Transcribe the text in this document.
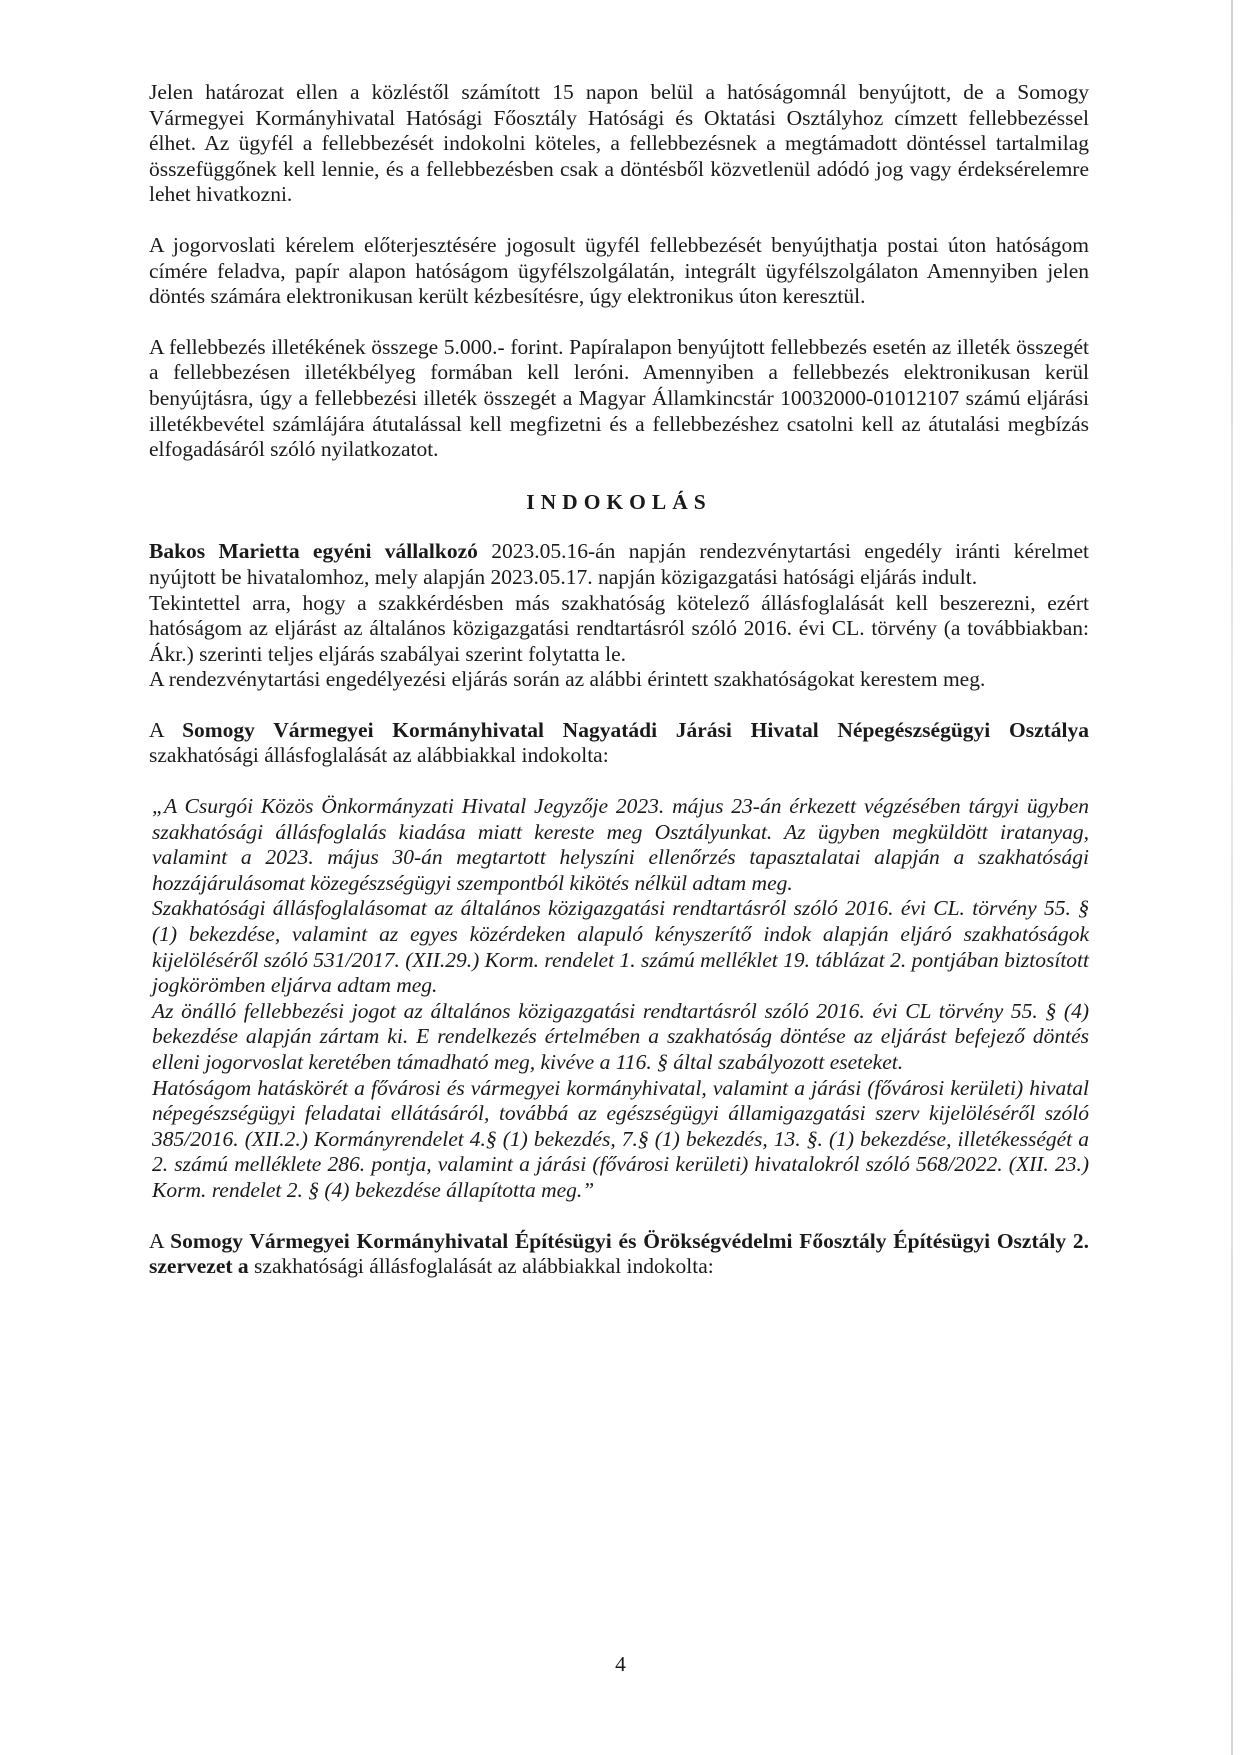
Jelen határozat ellen a közléstől számított 15 napon belül a hatóságomnál benyújtott, de a Somogy Vármegyei Kormányhivatal Hatósági Főosztály Hatósági és Oktatási Osztályhoz címzett fellebbezéssel élhet. Az ügyfél a fellebbezését indokolni köteles, a fellebbezésnek a megtámadott döntéssel tartalmilag összefüggőnek kell lennie, és a fellebbezésben csak a döntésből közvetlenül adódó jog vagy érdeksérelemre lehet hivatkozni.

A jogorvoslati kérelem előterjesztésére jogosult ügyfél fellebbezését benyújthatja postai úton hatóságom címére feladva, papír alapon hatóságom ügyfélszolgálatán, integrált ügyfélszolgálaton Amennyiben jelen döntés számára elektronikusan került kézbesítésre, úgy elektronikus úton keresztül.

A fellebbezés illetékének összege 5.000.- forint. Papíralapon benyújtott fellebbezés esetén az illeték összegét a fellebbezésen illetékbélyeg formában kell leróni. Amennyiben a fellebbezés elektronikusan kerül benyújtásra, úgy a fellebbezési illeték összegét a Magyar Államkincstár 10032000-01012107 számú eljárási illetékbevétel számlájára átutalással kell megfizetni és a fellebbezéshez csatolni kell az átutalási megbízás elfogadásáról szóló nyilatkozatot.

INDOKOLÁS

Bakos Marietta egyéni vállalkozó 2023.05.16-án napján rendezvénytartási engedély iránti kérelmet nyújtott be hivatalomhoz, mely alapján 2023.05.17. napján közigazgatási hatósági eljárás indult.

Tekintettel arra, hogy a szakkérdésben más szakhatóság kötelező állásfoglalását kell beszerezni, ezért hatóságom az eljárást az általános közigazgatási rendtartásról szóló 2016. évi CL. törvény (a továbbiakban: Ákr.) szerinti teljes eljárás szabályai szerint folytatta le.

A rendezvénytartási engedélyezési eljárás során az alábbi érintett szakhatóságokat kerestem meg.

A Somogy Vármegyei Kormányhivatal Nagyatádi Járási Hivatal Népegészségügyi Osztálya szakhatósági állásfoglalását az alábbiakkal indokolta:

„A Csurgói Közös Önkormányzati Hivatal Jegyzője 2023. május 23-án érkezett végzésében tárgyi ügyben szakhatósági állásfoglalás kiadása miatt kereste meg Osztályunkat. Az ügyben megküldött iratanyag, valamint a 2023. május 30-án megtartott helyszíni ellenőrzés tapasztalatai alapján a szakhatósági hozzájárulásomat közegészségügyi szempontból kikötés nélkül adtam meg.

Szakhatósági állásfoglalásomat az általános közigazgatási rendtartásról szóló 2016. évi CL. törvény 55. § (1) bekezdése, valamint az egyes közérdeken alapuló kényszerítő indok alapján eljáró szakhatóságok kijelöléséről szóló 531/2017. (XII.29.) Korm. rendelet 1. számú melléklet 19. táblázat 2. pontjában biztosított jogkörömben eljárva adtam meg.

Az önálló fellebbezési jogot az általános közigazgatási rendtartásról szóló 2016. évi CL törvény 55. § (4) bekezdése alapján zártam ki. E rendelkezés értelmében a szakhatóság döntése az eljárást befejező döntés elleni jogorvoslat keretében támadható meg, kivéve a 116. § által szabályozott eseteket.

Hatóságom hatáskörét a fővárosi és vármegyei kormányhivatal, valamint a járási (fővárosi kerületi) hivatal népegészségügyi feladatai ellátásáról, továbbá az egészségügyi államigazgatási szerv kijelöléséről szóló 385/2016. (XII.2.) Kormányrendelet 4.§ (1) bekezdés, 7.§ (1) bekezdés, 13. §. (1) bekezdése, illetékességét a 2. számú melléklete 286. pontja, valamint a járási (fővárosi kerületi) hivatalokról szóló 568/2022. (XII. 23.) Korm. rendelet 2. § (4) bekezdése állapította meg.”

A Somogy Vármegyei Kormányhivatal Építésügyi és Örökségvédelmi Főosztály Építésügyi Osztály 2. szervezet a szakhatósági állásfoglalását az alábbiakkal indokolta:

4
